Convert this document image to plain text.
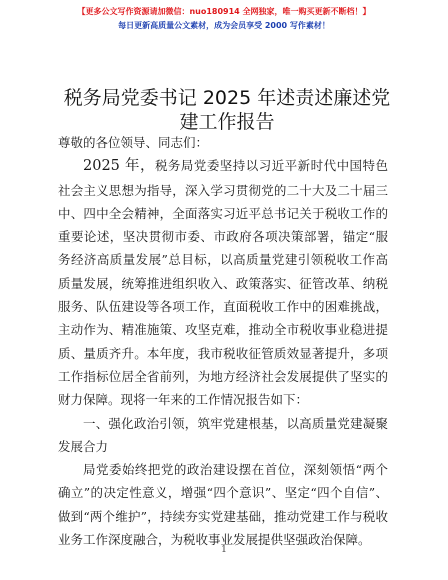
【更多公文写作资源请加微信：nuo180914 全网独家，唯一购买更新不断档！】
每日更新高质量公文素材，成为会员享受 2000 写作素材！
税务局党委书记 2025 年述责述廉述党建工作报告

尊敬的各位领导、同志们：

2025 年，税务局党委坚持以习近平新时代中国特色社会主义思想为指导，深入学习贯彻党的二十大及二十届三中、四中全会精神，全面落实习近平总书记关于税收工作的重要论述，坚决贯彻市委、市政府各项决策部署，锚定“服务经济高质量发展”总目标，以高质量党建引领税收工作高质量发展，统筹推进组织收入、政策落实、征管改革、纳税服务、队伍建设等各项工作，直面税收工作中的困难挑战，主动作为、精准施策、攻坚克难，推动全市税收事业稳进提质、量质齐升。本年度，我市税收征管质效显著提升，多项工作指标位居全省前列，为地方经济社会发展提供了坚实的财力保障。现将一年来的工作情况报告如下：

一、强化政治引领，筑牢党建根基，以高质量党建凝聚发展合力

局党委始终把党的政治建设摆在首位，深刻领悟“两个确立”的决定性意义，增强“四个意识”、坚定“四个自信”、做到“两个维护”，持续夯实党建基础，推动党建工作与税收业务工作深度融合，为税收事业发展提供坚强政治保障。

1
